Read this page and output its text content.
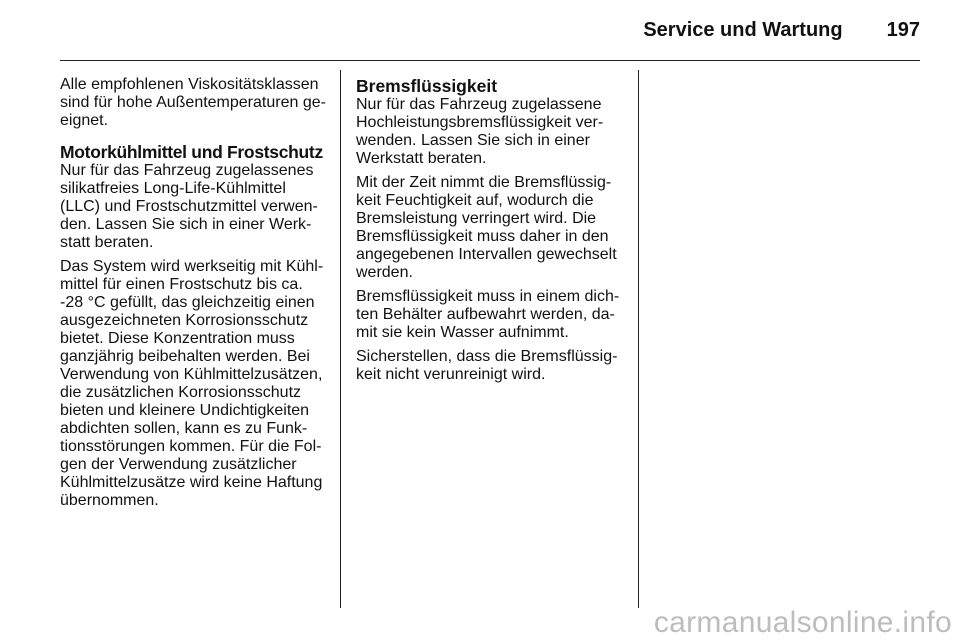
Service und Wartung 197

Alle empfohlenen Viskositätsklassen
sind für hohe Außentemperaturen ge-
eignet.

Motorkühlmittel und Frostschutz

Nur für das Fahrzeug zugelassenes
silikatfreies Long-Life-Kühlmittel
(LLC) und Frostschutzmittel verwen-
den. Lassen Sie sich in einer Werk-
statt beraten.

Das System wird werkseitig mit Kühl-
mittel für einen Frostschutz bis ca.
-28 °C gefüllt, das gleichzeitig einen
ausgezeichneten Korrosionsschutz
bietet. Diese Konzentration muss
ganzjährig beibehalten werden. Bei
Verwendung von Kühlmittelzusätzen,
die zusätzlichen Korrosionsschutz
bieten und kleinere Undichtigkeiten
abdichten sollen, kann es zu Funk-
tionsstörungen kommen. Für die Fol-
gen der Verwendung zusätzlicher
Kühlmittelzusätze wird keine Haftung
übernommen.

Bremsflüssigkeit

Nur für das Fahrzeug zugelassene
Hochleistungsbremsflüssigkeit ver-
wenden. Lassen Sie sich in einer
Werkstatt beraten.

Mit der Zeit nimmt die Bremsflüssig-
keit Feuchtigkeit auf, wodurch die
Bremsleistung verringert wird. Die
Bremsflüssigkeit muss daher in den
angegebenen Intervallen gewechselt
werden.

Bremsflüssigkeit muss in einem dich-
ten Behälter aufbewahrt werden, da-
mit sie kein Wasser aufnimmt.

Sicherstellen, dass die Bremsflüssig-
keit nicht verunreinigt wird.

carmanualsonline.info
